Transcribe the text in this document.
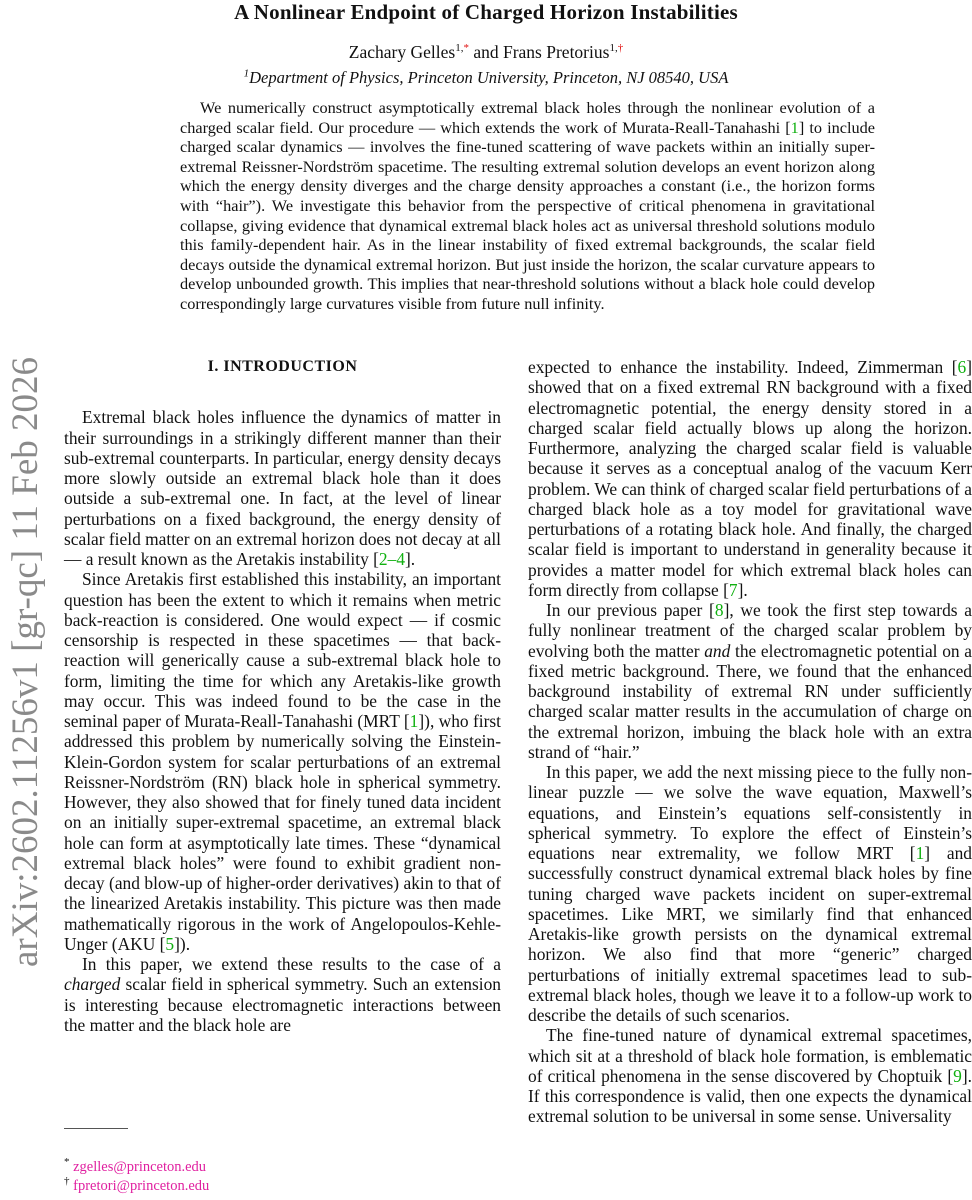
A Nonlinear Endpoint of Charged Horizon Instabilities
Zachary Gelles$^{1,*}$ and Frans Pretorius$^{1,\dagger}$
$^1$Department of Physics, Princeton University, Princeton, NJ 08540, USA
We numerically construct asymptotically extremal black holes through the nonlinear evolution of a charged scalar field. Our procedure — which extends the work of Murata-Reall-Tanahashi [1] to include charged scalar dynamics — involves the fine-tuned scattering of wave packets within an initially super-extremal Reissner-Nordström spacetime. The resulting extremal solution develops an event horizon along which the energy density diverges and the charge density approaches a constant (i.e., the horizon forms with “hair”). We investigate this behavior from the perspective of critical phenomena in gravitational collapse, giving evidence that dynamical extremal black holes act as universal threshold solutions modulo this family-dependent hair. As in the linear instability of fixed extremal backgrounds, the scalar field decays outside the dynamical extremal horizon. But just inside the horizon, the scalar curvature appears to develop unbounded growth. This implies that near-threshold solutions without a black hole could develop correspondingly large curvatures visible from future null infinity.
arXiv:2602.11256v1 [gr-qc] 11 Feb 2026	I. INTRODUCTION

Extremal black holes influence the dynamics of matter in their surroundings in a strikingly different manner than their sub-extremal counterparts. In particular, energy density decays more slowly outside an extremal black hole than it does outside a sub-extremal one. In fact, at the level of linear perturbations on a fixed background, the energy density of scalar field matter on an extremal horizon does not decay at all — a result known as the Aretakis instability [2–4].

Since Aretakis first established this instability, an important question has been the extent to which it remains when metric back-reaction is considered. One would expect — if cosmic censorship is respected in these spacetimes — that back-reaction will generically cause a sub-extremal black hole to form, limiting the time for which any Aretakis-like growth may occur. This was indeed found to be the case in the seminal paper of Murata-Reall-Tanahashi (MRT [1]), who first addressed this problem by numerically solving the Einstein-Klein-Gordon system for scalar perturbations of an extremal Reissner-Nordström (RN) black hole in spherical symmetry. However, they also showed that for finely tuned data incident on an initially super-extremal spacetime, an extremal black hole can form at asymptotically late times. These “dynamical extremal black holes” were found to exhibit gradient non-decay (and blow-up of higher-order derivatives) akin to that of the linearized Aretakis instability. This picture was then made mathematically rigorous in the work of Angelopoulos-Kehle-Unger (AKU [5]).

In this paper, we extend these results to the case of a charged scalar field in spherical symmetry. Such an extension is interesting because electromagnetic interactions between the matter and the black hole are

expected to enhance the instability. Indeed, Zimmerman [6] showed that on a fixed extremal RN background with a fixed electromagnetic potential, the energy density stored in a charged scalar field actually blows up along the horizon. Furthermore, analyzing the charged scalar field is valuable because it serves as a conceptual analog of the vacuum Kerr problem. We can think of charged scalar field perturbations of a charged black hole as a toy model for gravitational wave perturbations of a rotating black hole. And finally, the charged scalar field is important to understand in generality because it provides a matter model for which extremal black holes can form directly from collapse [7].

In our previous paper [8], we took the first step towards a fully nonlinear treatment of the charged scalar problem by evolving both the matter and the electromagnetic potential on a fixed metric background. There, we found that the enhanced background instability of extremal RN under sufficiently charged scalar matter results in the accumulation of charge on the extremal horizon, imbuing the black hole with an extra strand of “hair.”

In this paper, we add the next missing piece to the fully non-linear puzzle — we solve the wave equation, Maxwell’s equations, and Einstein’s equations self-consistently in spherical symmetry. To explore the effect of Einstein’s equations near extremality, we follow MRT [1] and successfully construct dynamical extremal black holes by fine tuning charged wave packets incident on super-extremal spacetimes. Like MRT, we similarly find that enhanced Aretakis-like growth persists on the dynamical extremal horizon. We also find that more “generic” charged perturbations of initially extremal spacetimes lead to sub-extremal black holes, though we leave it to a follow-up work to describe the details of such scenarios.

The fine-tuned nature of dynamical extremal spacetimes, which sit at a threshold of black hole formation, is emblematic of critical phenomena in the sense discovered by Choptuik [9]. If this correspondence is valid, then one expects the dynamical extremal solution to be universal in some sense. Universality

* zgelles@princeton.edu
† fpretori@princeton.edu
